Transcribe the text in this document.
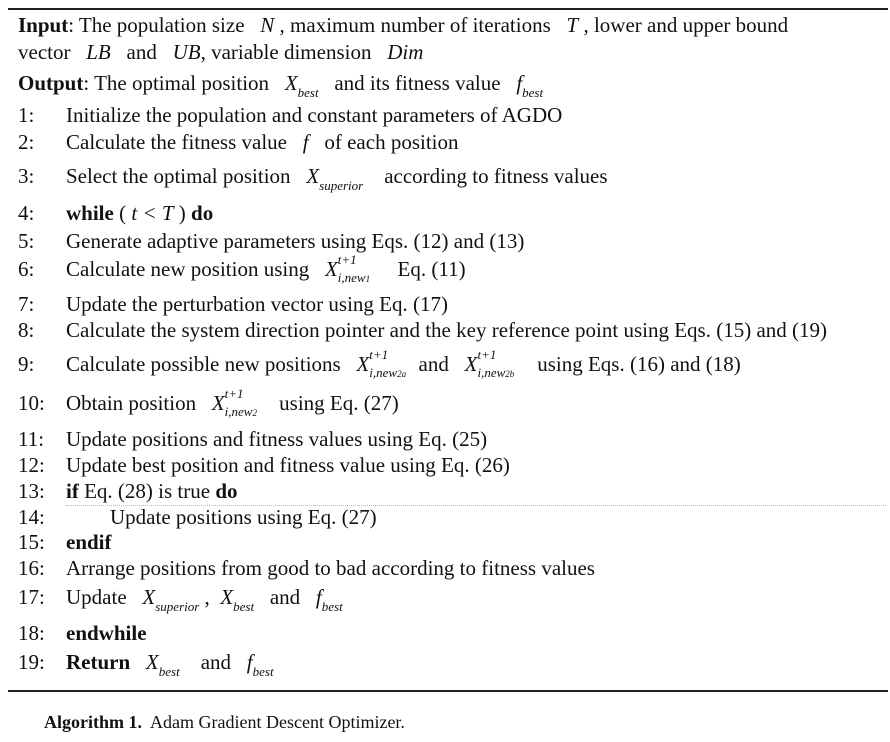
Input: The population size N , maximum number of iterations T , lower and upper bound
vector LB and UB, variable dimension Dim
Output: The optimal position $X_{best}$ and its fitness value $f_{best}$
1:	Initialize the population and constant parameters of AGDO
2:	Calculate the fitness value f of each position
3:	Select the optimal position $X_{superior}$ according to fitness values
4:	while ( t < T ) do
5:	Generate adaptive parameters using Eqs. (12) and (13)
6:	Calculate new position using X t+1
i,new1 Eq. (11)
7:	Update the perturbation vector using Eq. (17)
8:	Calculate the system direction pointer and the key reference point using Eqs. (15) and (19)
9:	Calculate possible new positions X t+1
i,new2a and X t+1
i,new2b using Eqs. (16) and (18)
10:	Obtain position X t+1
i,new2 using Eq. (27)
11:	Update positions and fitness values using Eq. (25)
12:	Update best position and fitness value using Eq. (26)
13:	if Eq. (28) is true do
14:	Update positions using Eq. (27)
15:	endif
16:	Arrange positions from good to bad according to fitness values
17:	Update $X_{superior}$ , $X_{best}$ and $f_{best}$
18:	endwhile
19:	Return $X_{best}$ and $f_{best}$
Algorithm 1. Adam Gradient Descent Optimizer.
